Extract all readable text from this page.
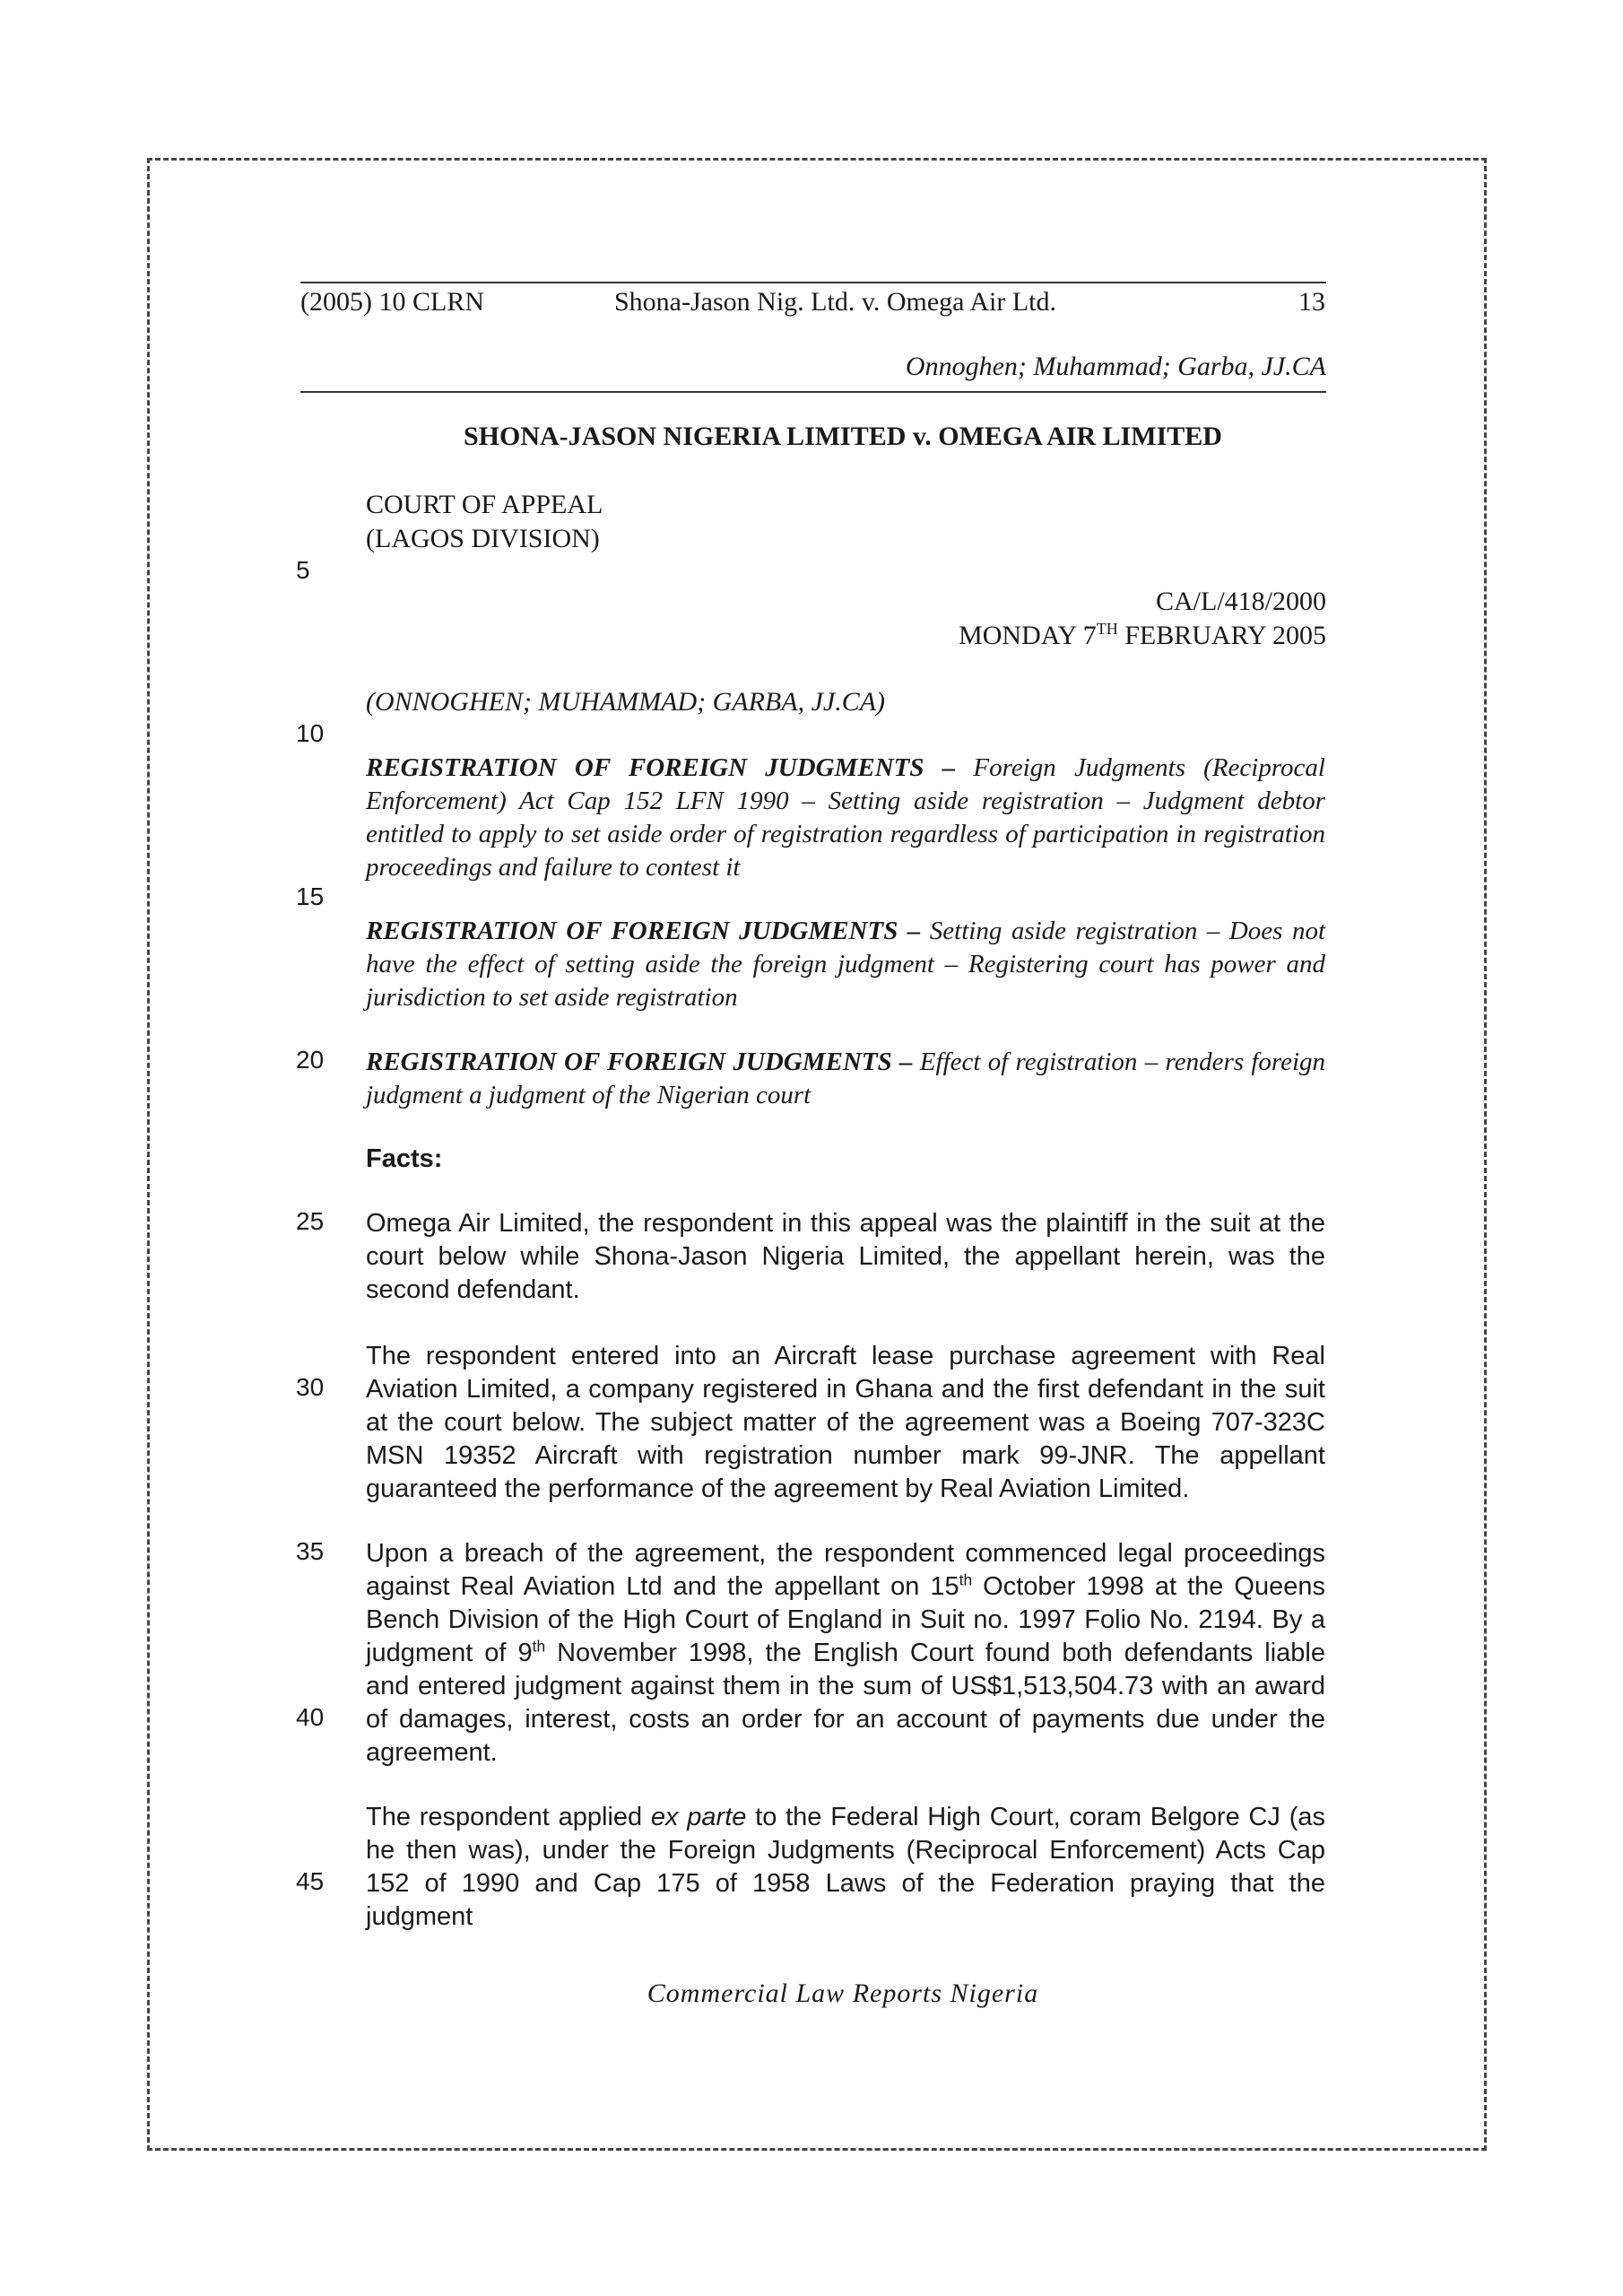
(2005) 10 CLRN	Shona-Jason Nig. Ltd. v. Omega Air Ltd.	13
Onnoghen; Muhammad; Garba, JJ.CA
SHONA-JASON NIGERIA LIMITED v. OMEGA AIR LIMITED
COURT OF APPEAL
(LAGOS DIVISION)
CA/L/418/2000
MONDAY 7TH FEBRUARY 2005
(ONNOGHEN; MUHAMMAD; GARBA, JJ.CA)
REGISTRATION OF FOREIGN JUDGMENTS – Foreign Judgments (Reciprocal Enforcement) Act Cap 152 LFN 1990 – Setting aside registration – Judgment debtor entitled to apply to set aside order of registration regardless of participation in registration proceedings and failure to contest it
REGISTRATION OF FOREIGN JUDGMENTS – Setting aside registration – Does not have the effect of setting aside the foreign judgment – Registering court has power and jurisdiction to set aside registration
REGISTRATION OF FOREIGN JUDGMENTS – Effect of registration – renders foreign judgment a judgment of the Nigerian court
Facts:
Omega Air Limited, the respondent in this appeal was the plaintiff in the suit at the court below while Shona-Jason Nigeria Limited, the appellant herein, was the second defendant.
The respondent entered into an Aircraft lease purchase agreement with Real Aviation Limited, a company registered in Ghana and the first defendant in the suit at the court below. The subject matter of the agreement was a Boeing 707-323C MSN 19352 Aircraft with registration number mark 99-JNR. The appellant guaranteed the performance of the agreement by Real Aviation Limited.
Upon a breach of the agreement, the respondent commenced legal proceedings against Real Aviation Ltd and the appellant on 15th October 1998 at the Queens Bench Division of the High Court of England in Suit no. 1997 Folio No. 2194. By a judgment of 9th November 1998, the English Court found both defendants liable and entered judgment against them in the sum of US$1,513,504.73 with an award of damages, interest, costs an order for an account of payments due under the agreement.
The respondent applied ex parte to the Federal High Court, coram Belgore CJ (as he then was), under the Foreign Judgments (Reciprocal Enforcement) Acts Cap 152 of 1990 and Cap 175 of 1958 Laws of the Federation praying that the judgment
5
10
15
20
25
30
35
40
45
Commercial Law Reports Nigeria
